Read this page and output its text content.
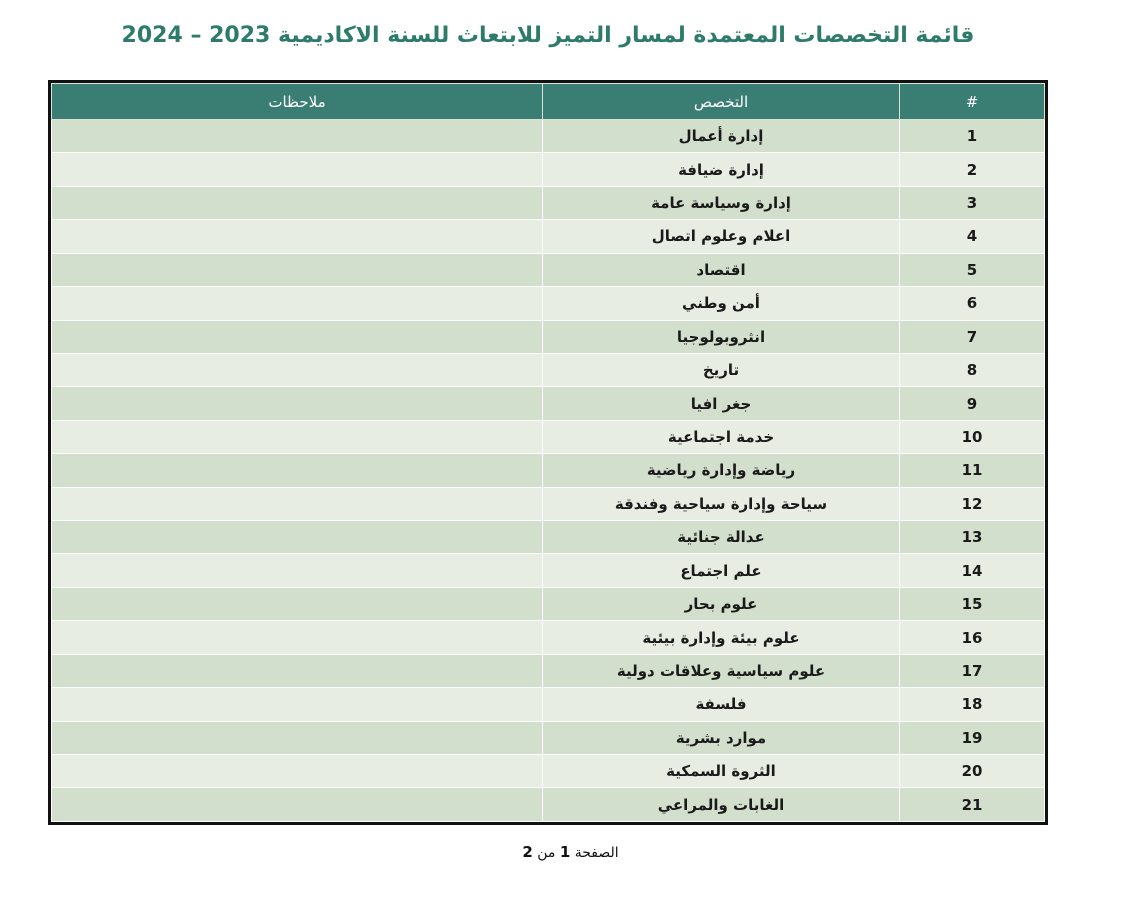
قائمة التخصصات المعتمدة لمسار التميز للابتعاث للسنة الاكاديمية 2023 – 2024
#	التخصص	ملاحظات
1	إدارة أعمال	
2	إدارة ضيافة	
3	إدارة وسياسة عامة	
4	اعلام وعلوم اتصال	
5	اقتصاد	
6	أمن وطني	
7	انثروبولوجيا	
8	تاريخ	
9	جغر افيا	
10	خدمة اجتماعية	
11	رياضة وإدارة رياضية	
12	سياحة وإدارة سياحية وفندقة	
13	عدالة جنائية	
14	علم اجتماع	
15	علوم بحار	
16	علوم بيئة وإدارة بيئية	
17	علوم سياسية وعلاقات دولية	
18	فلسفة	
19	موارد بشرية	
20	الثروة السمكية	
21	الغابات والمراعي	
الصفحة 1 من 2
